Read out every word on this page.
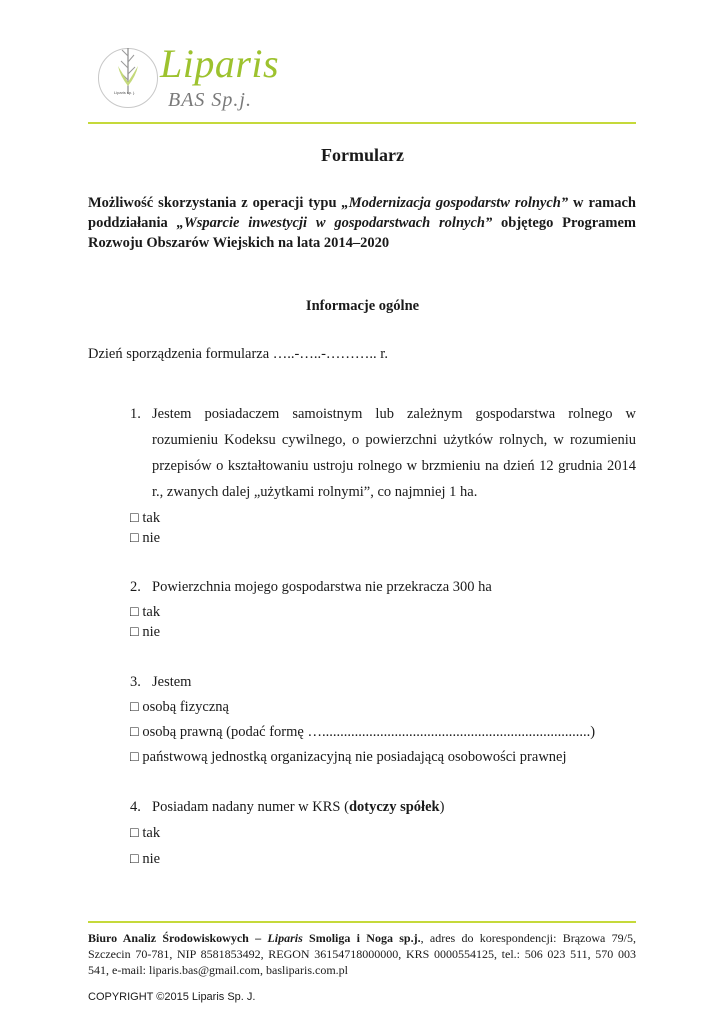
Liparis sp. j.
Liparis
BAS Sp.j.
Formularz
Możliwość skorzystania z operacji typu „Modernizacja gospodarstw rolnych” w ramach poddziałania „Wsparcie inwestycji w gospodarstwach rolnych” objętego Programem Rozwoju Obszarów Wiejskich na lata 2014–2020
Informacje ogólne
Dzień sporządzenia formularza …..-…..-……….. r.
1. Jestem posiadaczem samoistnym lub zależnym gospodarstwa rolnego w rozumieniu Kodeksu cywilnego, o powierzchni użytków rolnych, w rozumieniu przepisów o kształtowaniu ustroju rolnego w brzmieniu na dzień 12 grudnia 2014 r., zwanych dalej „użytkami rolnymi”, co najmniej 1 ha.
□ tak
□ nie
2. Powierzchnia mojego gospodarstwa nie przekracza 300 ha
□ tak
□ nie
3. Jestem
□ osobą fizyczną
□ osobą prawną (podać formę …..........................................................................)
□ państwową jednostką organizacyjną nie posiadającą osobowości prawnej
4. Posiadam nadany numer w KRS (dotyczy spółek)
□ tak
□ nie
Biuro Analiz Środowiskowych – Liparis Smoliga i Noga sp.j., adres do korespondencji: Brązowa 79/5, Szczecin 70-781, NIP 8581853492, REGON 36154718000000, KRS 0000554125, tel.: 506 023 511, 570 003 541, e-mail: liparis.bas@gmail.com, basliparis.com.pl
COPYRIGHT ©2015 Liparis Sp. J.
